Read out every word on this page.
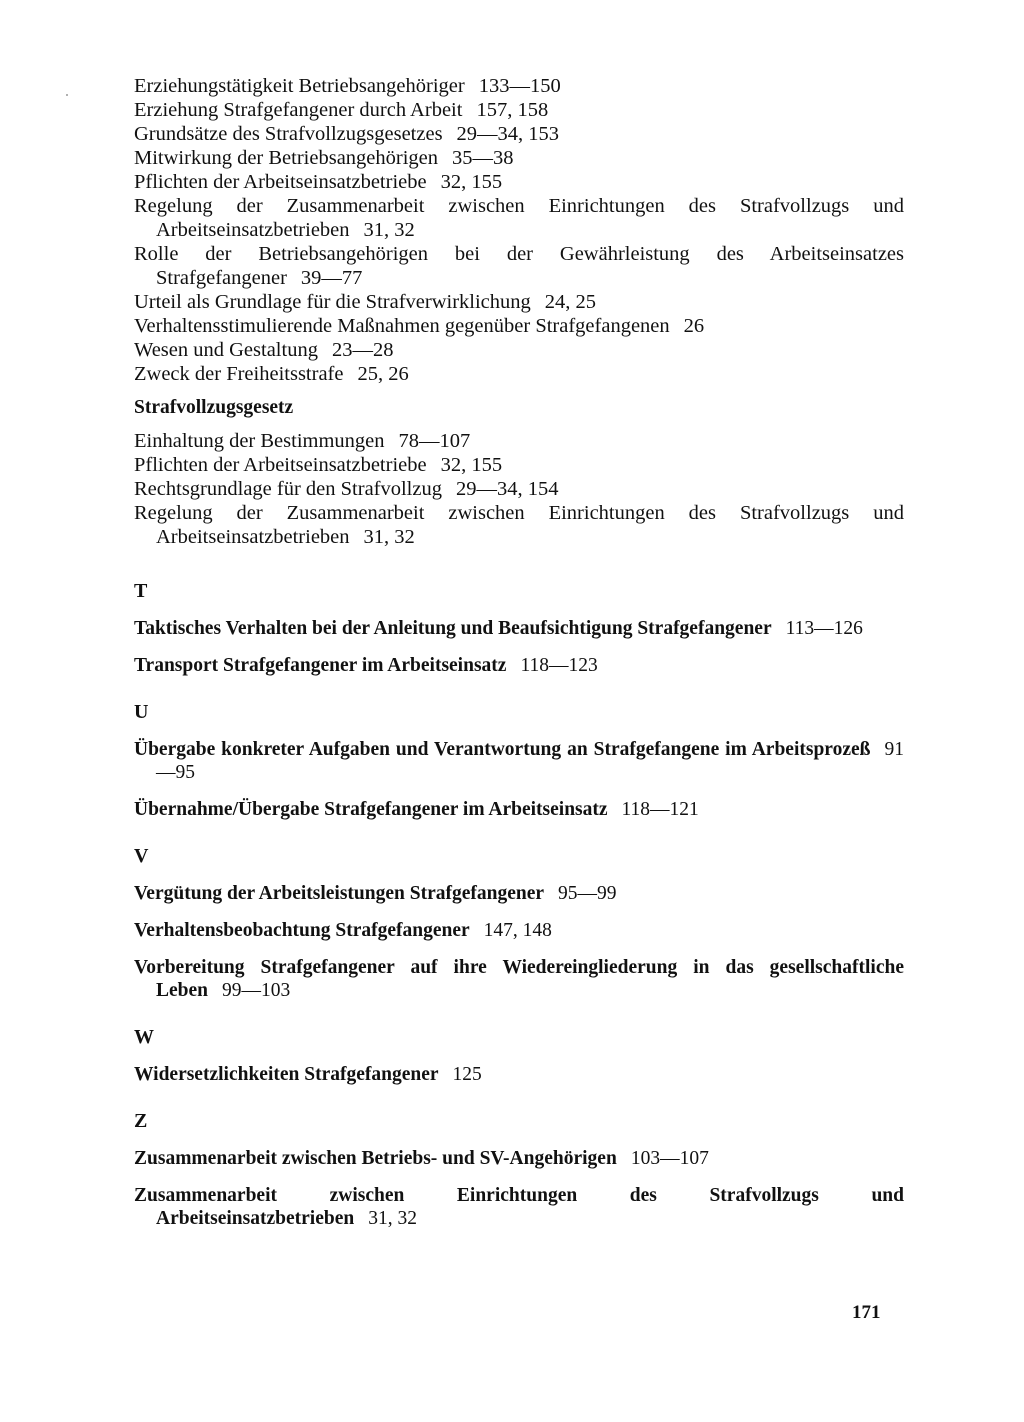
Erziehungstätigkeit Betriebsangehöriger 133—150
Erziehung Strafgefangener durch Arbeit 157, 158
Grundsätze des Strafvollzugsgesetzes 29—34, 153
Mitwirkung der Betriebsangehörigen 35—38
Pflichten der Arbeitseinsatzbetriebe 32, 155
Regelung der Zusammenarbeit zwischen Einrichtungen des Strafvollzugs und Arbeitseinsatzbetrieben 31, 32
Rolle der Betriebsangehörigen bei der Gewährleistung des Arbeitseinsatzes Strafgefangener 39—77
Urteil als Grundlage für die Strafverwirklichung 24, 25
Verhaltensstimulierende Maßnahmen gegenüber Strafgefangenen 26
Wesen und Gestaltung 23—28
Zweck der Freiheitsstrafe 25, 26
Strafvollzugsgesetz
Einhaltung der Bestimmungen 78—107
Pflichten der Arbeitseinsatzbetriebe 32, 155
Rechtsgrundlage für den Strafvollzug 29—34, 154
Regelung der Zusammenarbeit zwischen Einrichtungen des Strafvollzugs und Arbeitseinsatzbetrieben 31, 32
T
Taktisches Verhalten bei der Anleitung und Beaufsichtigung Strafgefangener 113—126
Transport Strafgefangener im Arbeitseinsatz 118—123
U
Übergabe konkreter Aufgaben und Verantwortung an Strafgefangene im Arbeitsprozeß 91—95
Übernahme/Übergabe Strafgefangener im Arbeitseinsatz 118—121
V
Vergütung der Arbeitsleistungen Strafgefangener 95—99
Verhaltensbeobachtung Strafgefangener 147, 148
Vorbereitung Strafgefangener auf ihre Wiedereingliederung in das gesellschaftliche Leben 99—103
W
Widersetzlichkeiten Strafgefangener 125
Z
Zusammenarbeit zwischen Betriebs- und SV-Angehörigen 103—107
Zusammenarbeit zwischen Einrichtungen des Strafvollzugs und Arbeitseinsatzbetrieben 31, 32
171
